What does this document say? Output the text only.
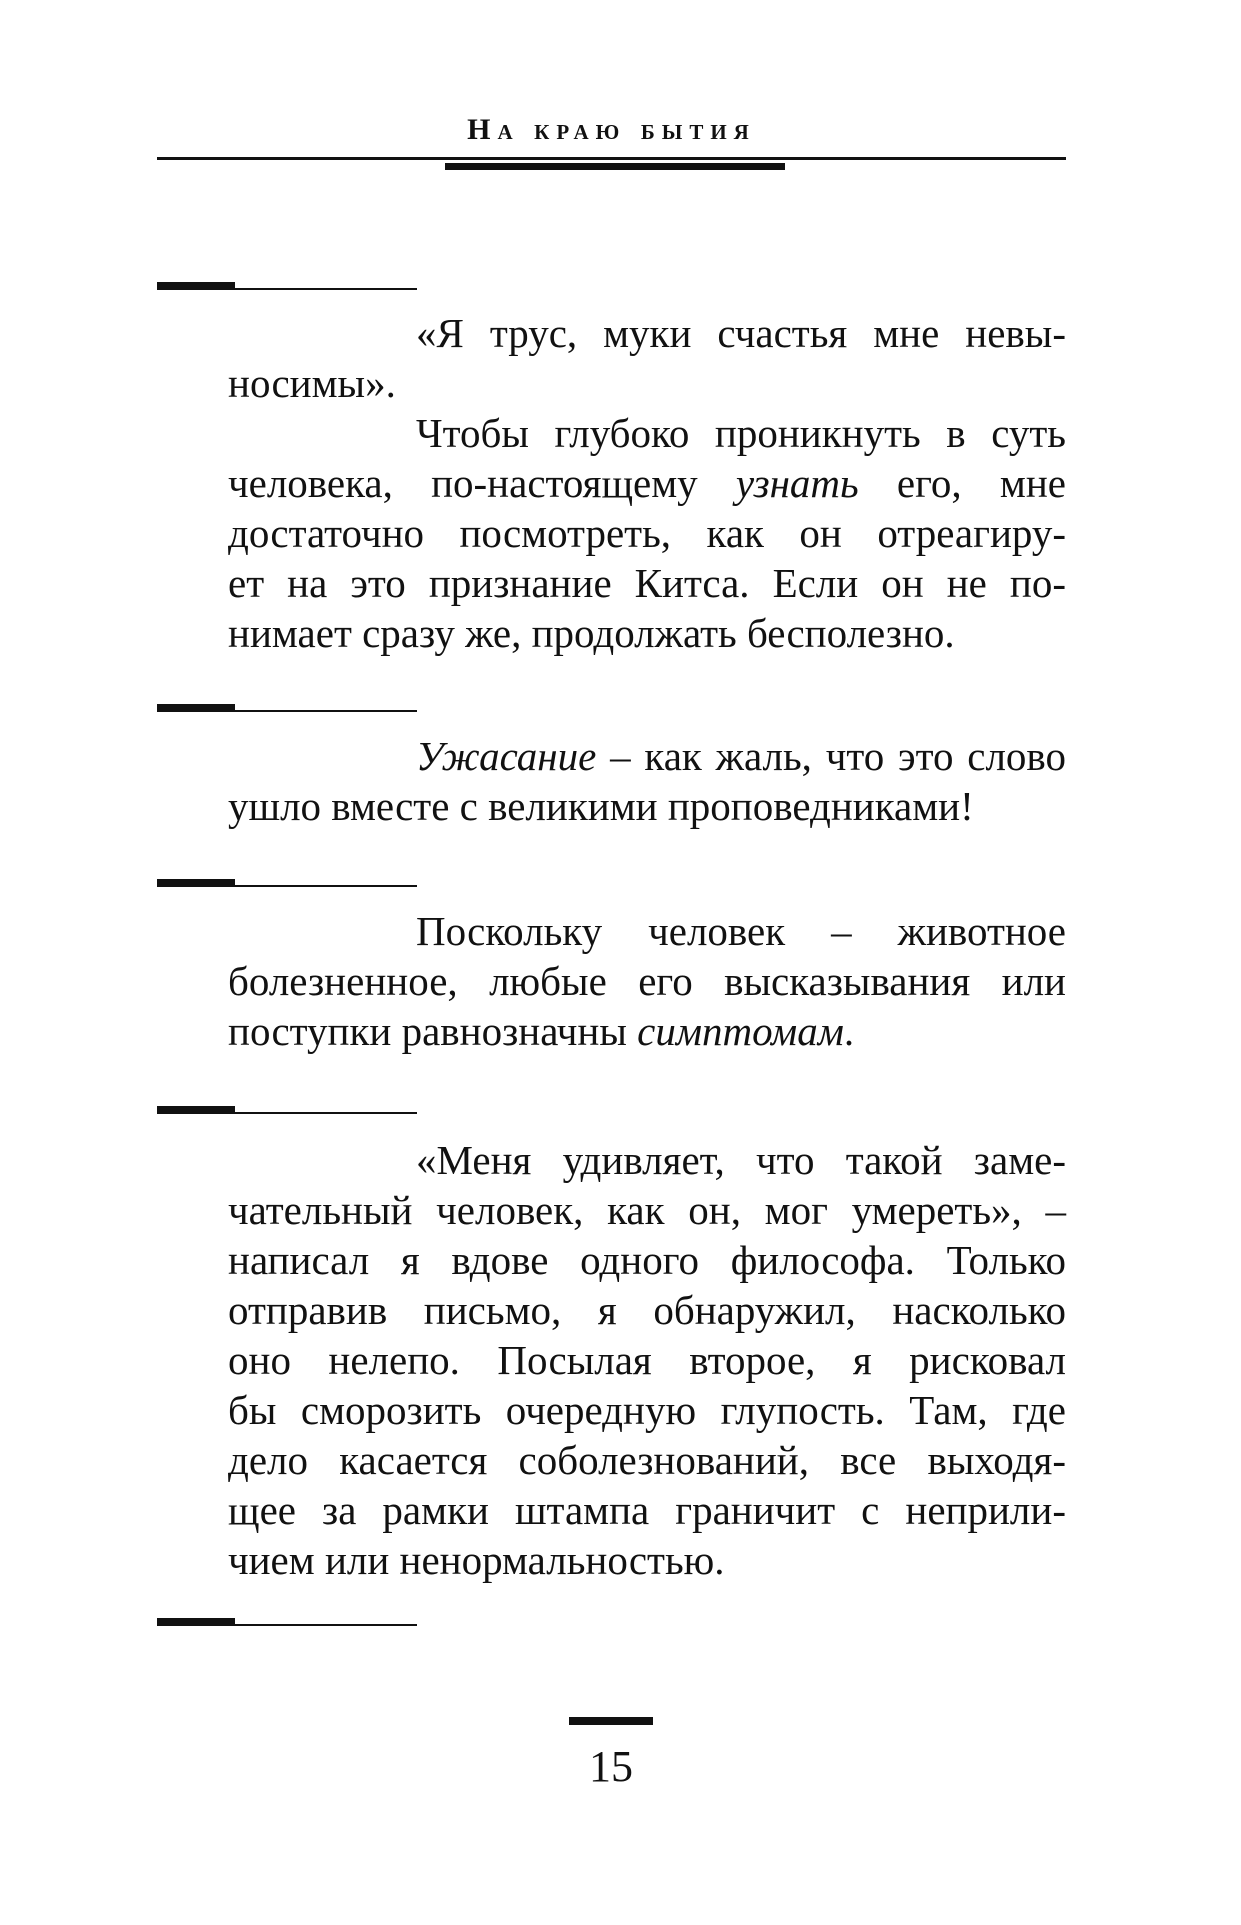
На краю бытия
«Я трус, муки счастья мне невы-
носимы».
Чтобы глубоко проникнуть в суть
человека, по-настоящему узнать его, мне
достаточно посмотреть, как он отреагиру-
ет на это признание Китса. Если он не по-
нимает сразу же, продолжать бесполезно.
Ужасание – как жаль, что это слово
ушло вместе с великими проповедниками!
Поскольку человек – животное
болезненное, любые его высказывания или
поступки равнозначны симптомам.
«Меня удивляет, что такой заме-
чательный человек, как он, мог умереть», –
написал я вдове одного философа. Только
отправив письмо, я обнаружил, насколько
оно нелепо. Посылая второе, я рисковал
бы сморозить очередную глупость. Там, где
дело касается соболезнований, все выходя-
щее за рамки штампа граничит с неприли-
чием или ненормальностью.
15
